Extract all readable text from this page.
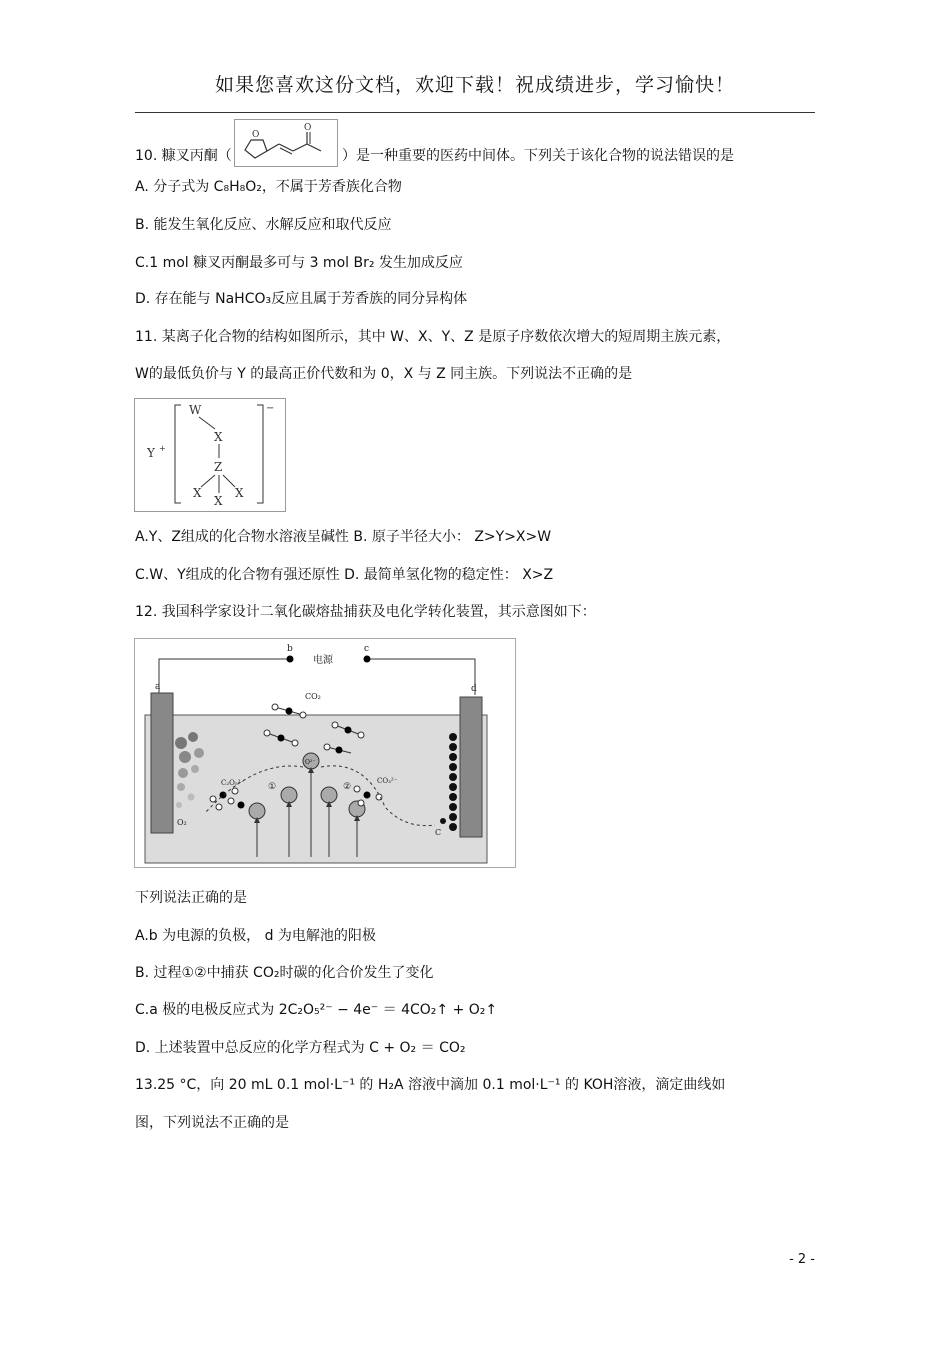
如果您喜欢这份文档，欢迎下载！祝成绩进步，学习愉快！
10. 糠叉丙酮（
O
O
）是一种重要的医药中间体。下列关于该化合物的说法错误的是
A. 分子式为 C₈H₈O₂，不属于芳香族化合物
B. 能发生氧化反应、水解反应和取代反应
C.1 mol 糠叉丙酮最多可与 3 mol Br₂ 发生加成反应
D. 存在能与 NaHCO₃反应且属于芳香族的同分异构体
11. 某离子化合物的结构如图所示，其中 W、X、Y、Z 是原子序数依次增大的短周期主族元素，
W的最低负价与 Y 的最高正价代数和为 0，X 与 Z 同主族。下列说法不正确的是
Y +
−
W
X
Z
X
X
X
A.Y、Z组成的化合物水溶液呈碱性 B. 原子半径大小： Z>Y>X>W
C.W、Y组成的化合物有强还原性 D. 最简单氢化物的稳定性： X>Z
12. 我国科学家设计二氧化碳熔盐捕获及电化学转化装置，其示意图如下：
b	c
电源
a	d
O₂
C
CO₂
O²⁻
C₂O₅²⁻	CO₃²⁻
①	②
下列说法正确的是
A.b 为电源的负极， d 为电解池的阳极
B. 过程①②中捕获 CO₂时碳的化合价发生了变化
C.a 极的电极反应式为 2C₂O₅²⁻ − 4e⁻ ＝ 4CO₂↑ + O₂↑
D. 上述装置中总反应的化学方程式为 C + O₂ ＝ CO₂
13.25 °C，向 20 mL 0.1 mol·L⁻¹ 的 H₂A 溶液中滴加 0.1 mol·L⁻¹ 的 KOH溶液，滴定曲线如
图，下列说法不正确的是
- 2 -
